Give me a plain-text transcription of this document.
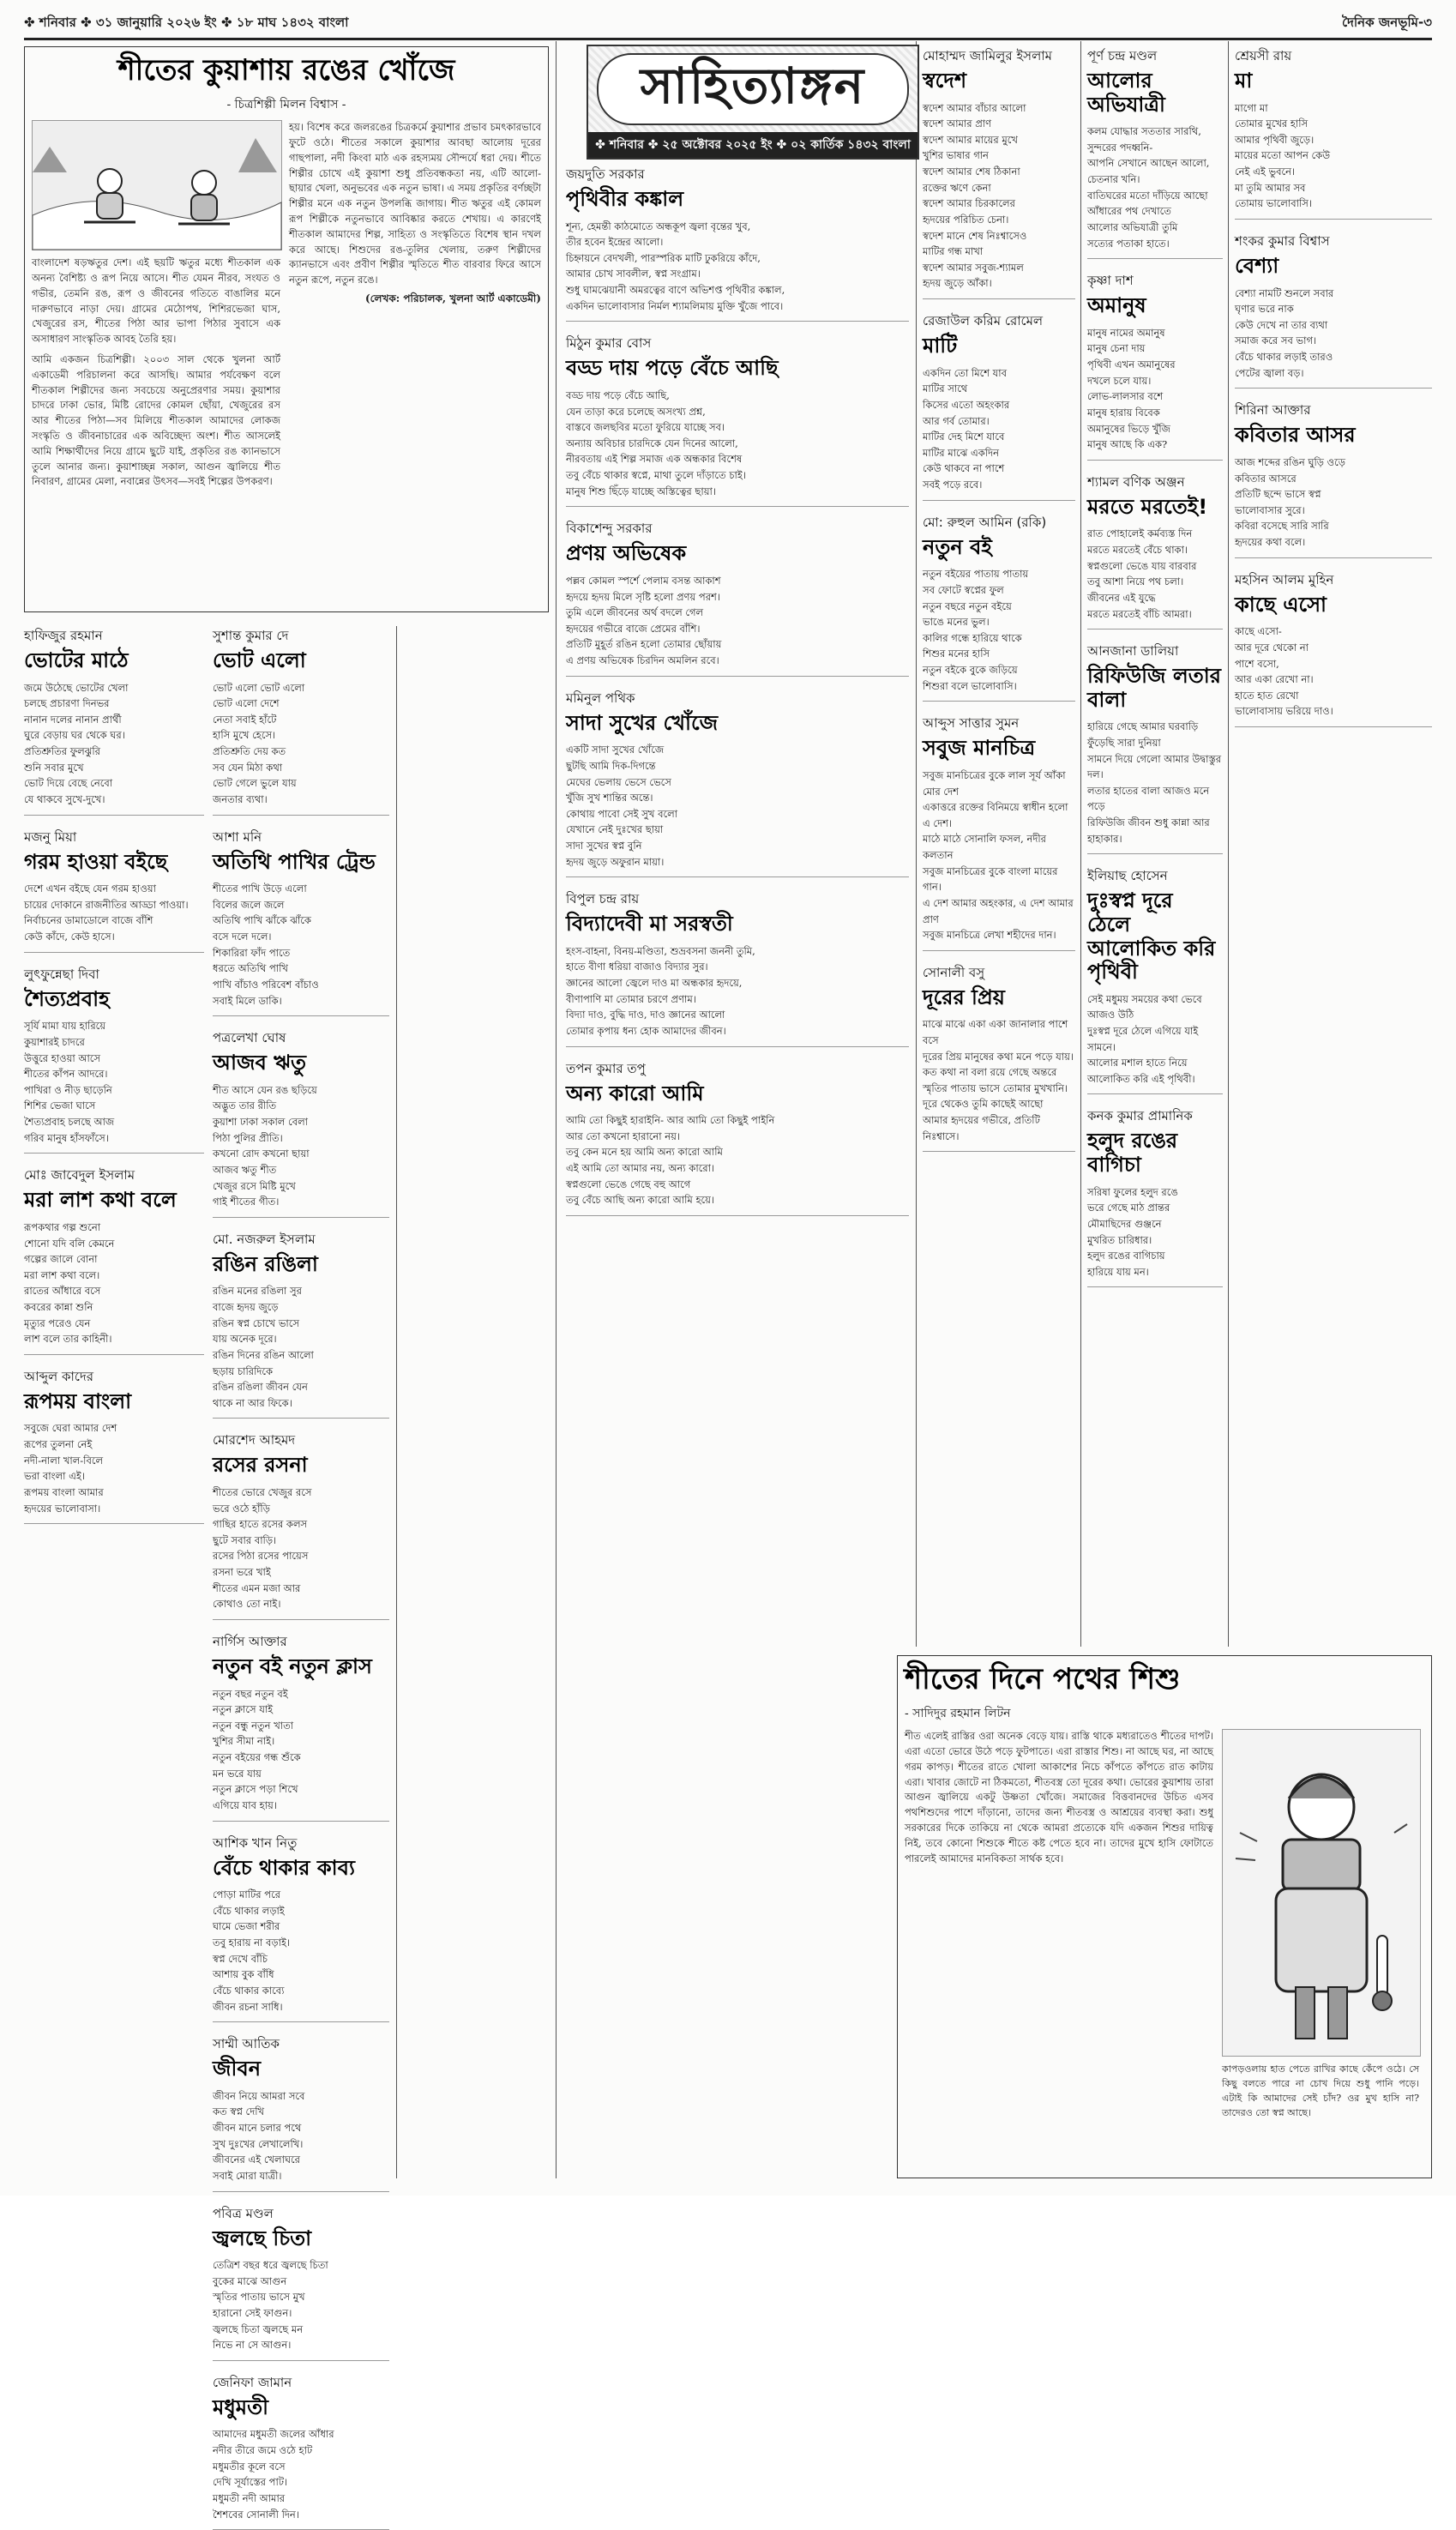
✤ শনিবার ✤ ৩১ জানুয়ারি ২০২৬ ইং ✤ ১৮ মাঘ ১৪৩২ বাংলা	দৈনিক জনভূমি-৩
শীতের কুয়াশায় রঙের খোঁজে
- চিত্রশিল্পী মিলন বিশ্বাস -
বাংলাদেশ ষড়ঋতুর দেশ। এই ছয়টি ঋতুর মধ্যে শীতকাল এক অনন্য বৈশিষ্ট্য ও রূপ নিয়ে আসে। শীত যেমন নীরব, সংযত ও গভীর, তেমনি রঙ, রূপ ও জীবনের গতিতে বাঙালির মনে দারুণভাবে নাড়া দেয়। গ্রামের মেঠোপথ, শিশিরভেজা ঘাস, খেজুরের রস, শীতের পিঠা আর ভাপা পিঠার সুবাসে এক অসাধারণ সাংস্কৃতিক আবহ তৈরি হয়।
আমি একজন চিত্রশিল্পী। ২০০৩ সাল থেকে খুলনা আর্ট একাডেমী পরিচালনা করে আসছি। আমার পর্যবেক্ষণ বলে শীতকাল শিল্পীদের জন্য সবচেয়ে অনুপ্রেরণার সময়। কুয়াশার চাদরে ঢাকা ভোর, মিষ্টি রোদের কোমল ছোঁয়া, খেজুরের রস আর শীতের পিঠা—সব মিলিয়ে শীতকাল আমাদের লোকজ সংস্কৃতি ও জীবনাচারের এক অবিচ্ছেদ্য অংশ। শীত আসলেই আমি শিক্ষার্থীদের নিয়ে গ্রামে ছুটে যাই, প্রকৃতির রঙ ক্যানভাসে তুলে আনার জন্য। কুয়াশাচ্ছন্ন সকাল, আগুন জ্বালিয়ে শীত নিবারণ, গ্রামের মেলা, নবান্নের উৎসব—সবই শিল্পের উপকরণ।
হয়। বিশেষ করে জলরঙের চিত্রকর্মে কুয়াশার প্রভাব চমৎকারভাবে ফুটে ওঠে। শীতের সকালে কুয়াশার আবছা আলোয় দূরের গাছপালা, নদী কিংবা মাঠ এক রহস্যময় সৌন্দর্যে ধরা দেয়। শীতে শিল্পীর চোখে এই কুয়াশা শুধু প্রতিবন্ধকতা নয়, এটি আলো-ছায়ার খেলা, অনুভবের এক নতুন ভাষা। এ সময় প্রকৃতির বর্ণচ্ছটা শিল্পীর মনে এক নতুন উপলব্ধি জাগায়। শীত ঋতুর এই কোমল রূপ শিল্পীকে নতুনভাবে আবিষ্কার করতে শেখায়। এ কারণেই শীতকাল আমাদের শিল্প, সাহিত্য ও সংস্কৃতিতে বিশেষ স্থান দখল করে আছে। শিশুদের রঙ-তুলির খেলায়, তরুণ শিল্পীদের ক্যানভাসে এবং প্রবীণ শিল্পীর স্মৃতিতে শীত বারবার ফিরে আসে নতুন রূপে, নতুন রঙে।
(লেখক: পরিচালক, খুলনা আর্ট একাডেমী)
সাহিত্যাঙ্গন
✤ শনিবার ✤ ২৫ অক্টোবর ২০২৫ ইং ✤ ০২ কার্তিক ১৪৩২ বাংলা
হাফিজুর রহমান
ভোটের মাঠে
জমে উঠেছে ভোটের খেলা
চলছে প্রচারণা দিনভর
নানান দলের নানান প্রার্থী
ঘুরে বেড়ায় ঘর থেকে ঘর।
প্রতিশ্রুতির ফুলঝুরি
শুনি সবার মুখে
ভোট দিয়ে বেছে নেবো
যে থাকবে সুখে-দুখে।
মজনু মিয়া
গরম হাওয়া বইছে
দেশে এখন বইছে যেন গরম হাওয়া
চায়ের দোকানে রাজনীতির আড্ডা পাওয়া।
নির্বাচনের ডামাডোলে বাজে বাঁশি
কেউ কাঁদে, কেউ হাসে।
লুৎফুন্নেছা দিবা
শৈত্যপ্রবাহ
সূর্যি মামা যায় হারিয়ে
কুয়াশারই চাদরে
উত্তুরে হাওয়া আসে
শীতের কাঁপন আদরে।
পাখিরা ও নীড় ছাড়েনি
শিশির ভেজা ঘাসে
শৈত্যপ্রবাহ চলছে আজ
গরিব মানুষ হাঁসফাঁসে।
মোঃ জাবেদুল ইসলাম
মরা লাশ কথা বলে
রূপকথার গল্প শুনো
শোনো যদি বলি কেমনে
গল্পের জালে বোনা
মরা লাশ কথা বলে।
রাতের আঁধারে বসে
কবরের কান্না শুনি
মৃত্যুর পরেও যেন
লাশ বলে তার কাহিনী।
আব্দুল কাদের
রূপময় বাংলা
সবুজে ঘেরা আমার দেশ
রূপের তুলনা নেই
নদী-নালা খাল-বিলে
ভরা বাংলা এই।
রূপময় বাংলা আমার
হৃদয়ের ভালোবাসা।
সুশান্ত কুমার দে
ভোট এলো
ভোট এলো ভোট এলো
ভোট এলো দেশে
নেতা সবাই হাঁটে
হাসি মুখে হেসে।
প্রতিশ্রুতি দেয় কত
সব যেন মিঠা কথা
ভোট গেলে ভুলে যায়
জনতার ব্যথা।
আশা মনি
অতিথি পাখির ট্রেন্ড
শীতের পাখি উড়ে এলো
বিলের জলে জলে
অতিথি পাখি ঝাঁকে ঝাঁকে
বসে দলে দলে।
শিকারিরা ফাঁদ পাতে
ধরতে অতিথি পাখি
পাখি বাঁচাও পরিবেশ বাঁচাও
সবাই মিলে ডাকি।
পত্রলেখা ঘোষ
আজব ঋতু
শীত আসে যেন রঙ ছড়িয়ে
অদ্ভুত তার রীতি
কুয়াশা ঢাকা সকাল বেলা
পিঠা পুলির প্রীতি।
কখনো রোদ কখনো ছায়া
আজব ঋতু শীত
খেজুর রসে মিষ্টি মুখে
গাই শীতের গীত।
মো. নজরুল ইসলাম
রঙিন রঙিলা
রঙিন মনের রঙিলা সুর
বাজে হৃদয় জুড়ে
রঙিন স্বপ্ন চোখে ভাসে
যায় অনেক দূরে।
রঙিন দিনের রঙিন আলো
ছড়ায় চারিদিকে
রঙিন রঙিলা জীবন যেন
থাকে না আর ফিকে।
মোরশেদ আহমদ
রসের রসনা
শীতের ভোরে খেজুর রসে
ভরে ওঠে হাঁড়ি
গাছির হাতে রসের কলস
ছুটে সবার বাড়ি।
রসের পিঠা রসের পায়েস
রসনা ভরে খাই
শীতের এমন মজা আর
কোথাও তো নাই।
নার্গিস আক্তার
নতুন বই নতুন ক্লাস
নতুন বছর নতুন বই
নতুন ক্লাসে যাই
নতুন বন্ধু নতুন খাতা
খুশির সীমা নাই।
নতুন বইয়ের গন্ধ শুঁকে
মন ভরে যায়
নতুন ক্লাসে পড়া শিখে
এগিয়ে যাব হায়।
আশিক খান নিতু
বেঁচে থাকার কাব্য
পোড়া মাটির পরে
বেঁচে থাকার লড়াই
ঘামে ভেজা শরীর
তবু হারায় না বড়াই।
স্বপ্ন দেখে বাঁচি
আশায় বুক বাঁধি
বেঁচে থাকার কাব্যে
জীবন রচনা সাধি।
সাম্মী আতিক
জীবন
জীবন নিয়ে আমরা সবে
কত স্বপ্ন দেখি
জীবন মানে চলার পথে
সুখ দুঃখের লেখালেখি।
জীবনের এই খেলাঘরে
সবাই মোরা যাত্রী।
পবিত্র মণ্ডল
জ্বলছে চিতা
তেত্রিশ বছর ধরে জ্বলছে চিতা
বুকের মাঝে আগুন
স্মৃতির পাতায় ভাসে মুখ
হারানো সেই ফাগুন।
জ্বলছে চিতা জ্বলছে মন
নিভে না সে আগুন।
জেনিফা জামান
মধুমতী
আমাদের মধুমতী জলের আঁধার
নদীর তীরে জমে ওঠে হাট
মধুমতীর কূলে বসে
দেখি সূর্যাস্তের পাট।
মধুমতী নদী আমার
শৈশবের সোনালী দিন।
জয়দুতি সরকার
পৃথিবীর কঙ্কাল
শূন্য, হেমন্তী কাঠমোতে অন্ধকূপ জ্বলা বৃন্তের খুব,
তীর হবেন ইন্দ্রের আলো।
চিহ্নায়নে বেদখলী, পারস্পরিক মাটি ঢুকরিয়ে কাঁদে,
আমার চোখ সাবলীল, স্বপ্ন সংগ্রাম।
শুধু ঘামঝেয়ানী অমরত্বের বাণে অভিশপ্ত পৃথিবীর কঙ্কাল,
একদিন ভালোবাসার নির্মল শ্যামলিমায় মুক্তি খুঁজে পাবে।
মিঠুন কুমার বোস
বড্ড দায় পড়ে বেঁচে আছি
বড্ড দায় পড়ে বেঁচে আছি,
যেন তাড়া করে চলেছে অসংখ্য প্রশ্ন,
বাস্তবে জলছবির মতো ফুরিয়ে যাচ্ছে সব।
অন্যায় অবিচার চারদিকে যেন দিনের আলো,
নীরবতায় এই শিল্প সমাজ এক অন্ধকার বিশেষ
তবু বেঁচে থাকার স্বপ্নে, মাথা তুলে দাঁড়াতে চাই।
মানুষ শিশু ছিঁড়ে যাচ্ছে অস্তিত্বের ছায়া।
বিকাশেন্দু সরকার
প্রণয় অভিষেক
পল্লব কোমল স্পর্শে পেলাম বসন্ত আকাশ
হৃদয়ে হৃদয় মিলে সৃষ্টি হলো প্রণয় পরশ।
তুমি এলে জীবনের অর্থ বদলে গেল
হৃদয়ের গভীরে বাজে প্রেমের বাঁশি।
প্রতিটি মুহূর্ত রঙিন হলো তোমার ছোঁয়ায়
এ প্রণয় অভিষেক চিরদিন অমলিন রবে।
মমিনুল পথিক
সাদা সুখের খোঁজে
একটি সাদা সুখের খোঁজে
ছুটছি আমি দিক-দিগন্তে
মেঘের ভেলায় ভেসে ভেসে
খুঁজি সুখ শান্তির অন্তে।
কোথায় পাবো সেই সুখ বলো
যেখানে নেই দুঃখের ছায়া
সাদা সুখের স্বপ্ন বুনি
হৃদয় জুড়ে অফুরান মায়া।
বিপুল চন্দ্র রায়
বিদ্যাদেবী মা সরস্বতী
হংস-বাহনা, বিনয়-মণ্ডিতা, শুভ্রবসনা জননী তুমি,
হাতে বীণা ধরিয়া বাজাও বিদ্যার সুর।
জ্ঞানের আলো জ্বেলে দাও মা অন্ধকার হৃদয়ে,
বীণাপাণি মা তোমার চরণে প্রণাম।
বিদ্যা দাও, বুদ্ধি দাও, দাও জ্ঞানের আলো
তোমার কৃপায় ধন্য হোক আমাদের জীবন।
তপন কুমার তপু
অন্য কারো আমি
আমি তো কিছুই হারাইনি- আর আমি তো কিছুই পাইনি
আর তো কখনো হারানো নয়।
তবু কেন মনে হয় আমি অন্য কারো আমি
এই আমি তো আমার নয়, অন্য কারো।
স্বপ্নগুলো ভেঙে গেছে বহু আগে
তবু বেঁচে আছি অন্য কারো আমি হয়ে।
মোহাম্মদ জামিলুর ইসলাম
স্বদেশ
স্বদেশ আমার বাঁচার আলো
স্বদেশ আমার প্রাণ
স্বদেশ আমার মায়ের মুখে
খুশির ভাষার গান
স্বদেশ আমার শেষ ঠিকানা
রক্তের ঋণে কেনা
স্বদেশ আমার চিরকালের
হৃদয়ের পরিচিত চেনা।
স্বদেশ মানে শেষ নিঃশ্বাসেও
মাটির গন্ধ মাখা
স্বদেশ আমার সবুজ-শ্যামল
হৃদয় জুড়ে আঁকা।
রেজাউল করিম রোমেল
মাটি
একদিন তো মিশে যাব
মাটির সাথে
কিসের এতো অহংকার
আর গর্ব তোমার।
মাটির দেহ মিশে যাবে
মাটির মাঝে একদিন
কেউ থাকবে না পাশে
সবই পড়ে রবে।
মো: রুহুল আমিন (রকি)
নতুন বই
নতুন বইয়ের পাতায় পাতায়
সব ফোটে স্বপ্নের ফুল
নতুন বছরে নতুন বইয়ে
ভাঙে মনের ভুল।
কালির গন্ধে হারিয়ে থাকে
শিশুর মনের হাসি
নতুন বইকে বুকে জড়িয়ে
শিশুরা বলে ভালোবাসি।
আব্দুস সাত্তার সুমন
সবুজ মানচিত্র
সবুজ মানচিত্রের বুকে লাল সূর্য আঁকা মোর দেশ
একাত্তরে রক্তের বিনিময়ে স্বাধীন হলো এ দেশ।
মাঠে মাঠে সোনালি ফসল, নদীর কলতান
সবুজ মানচিত্রের বুকে বাংলা মায়ের গান।
এ দেশ আমার অহংকার, এ দেশ আমার প্রাণ
সবুজ মানচিত্রে লেখা শহীদের দান।
সোনালী বসু
দূরের প্রিয়
মাঝে মাঝে একা একা জানালার পাশে বসে
দূরের প্রিয় মানুষের কথা মনে পড়ে যায়।
কত কথা না বলা রয়ে গেছে অন্তরে
স্মৃতির পাতায় ভাসে তোমার মুখখানি।
দূরে থেকেও তুমি কাছেই আছো
আমার হৃদয়ের গভীরে, প্রতিটি নিঃশ্বাসে।
পূর্ণ চন্দ্র মণ্ডল
আলোর অভিযাত্রী
কলম যোদ্ধার সততার সারথি,
সুন্দরের পদধ্বনি-
আপনি সেখানে আছেন আলো,
চেতনার খনি।
বাতিঘরের মতো দাঁড়িয়ে আছো
আঁধারের পথ দেখাতে
আলোর অভিযাত্রী তুমি
সত্যের পতাকা হাতে।
কৃষ্ণা দাশ
অমানুষ
মানুষ নামের অমানুষ
মানুষ চেনা দায়
পৃথিবী এখন অমানুষের
দখলে চলে যায়।
লোভ-লালসার বশে
মানুষ হারায় বিবেক
অমানুষের ভিড়ে খুঁজি
মানুষ আছে কি এক?
শ্যামল বণিক অঞ্জন
মরতে মরতেই!
রাত পোহালেই কর্মব্যস্ত দিন
মরতে মরতেই বেঁচে থাকা।
স্বপ্নগুলো ভেঙে যায় বারবার
তবু আশা নিয়ে পথ চলা।
জীবনের এই যুদ্ধে
মরতে মরতেই বাঁচি আমরা।
আনজানা ডালিয়া
রিফিউজি লতার বালা
হারিয়ে গেছে আমার ঘরবাড়ি
ফুঁড়েছি সারা দুনিয়া
সামনে দিয়ে গেলো আমার উদ্বাস্তুর দল।
লতার হাতের বালা আজও মনে পড়ে
রিফিউজি জীবন শুধু কান্না আর হাহাকার।
ইলিয়াছ হোসেন
দুঃস্বপ্ন দূরে ঠেলে আলোকিত করি পৃথিবী
সেই মধুময় সময়ের কথা ভেবে আজও উঠি
দুঃস্বপ্ন দূরে ঠেলে এগিয়ে যাই সামনে।
আলোর মশাল হাতে নিয়ে
আলোকিত করি এই পৃথিবী।
কনক কুমার প্রামানিক
হলুদ রঙের বাগিচা
সরিষা ফুলের হলুদ রঙে
ভরে গেছে মাঠ প্রান্তর
মৌমাছিদের গুঞ্জনে
মুখরিত চারিধার।
হলুদ রঙের বাগিচায়
হারিয়ে যায় মন।
শ্রেয়সী রায়
মা
মাগো মা
তোমার মুখের হাসি
আমার পৃথিবী জুড়ে।
মায়ের মতো আপন কেউ
নেই এই ভুবনে।
মা তুমি আমার সব
তোমায় ভালোবাসি।
শংকর কুমার বিশ্বাস
বেশ্যা
বেশ্যা নামটি শুনলে সবার
ঘৃণার ভরে নাক
কেউ দেখে না তার ব্যথা
সমাজ করে সব ভাগ।
বেঁচে থাকার লড়াই তারও
পেটের জ্বালা বড়।
শিরিনা আক্তার
কবিতার আসর
আজ শব্দের রঙিন ঘুড়ি ওড়ে
কবিতার আসরে
প্রতিটি ছন্দে ভাসে স্বপ্ন
ভালোবাসার সুরে।
কবিরা বসেছে সারি সারি
হৃদয়ের কথা বলে।
মহসিন আলম মুহিন
কাছে এসো
কাছে এসো-
আর দূরে থেকো না
পাশে বসো,
আর একা রেখো না।
হাতে হাত রেখো
ভালোবাসায় ভরিয়ে দাও।
শীতের দিনে পথের শিশু
- সাদিদুর রহমান লিটন
শীত এলেই রাস্তির ওরা অনেক বেড়ে যায়। রাস্তি থাকে মধ্যরাতেও শীতের দাপট। এরা এতো ভোরে উঠে পড়ে ফুটপাতে। এরা রাস্তার শিশু। না আছে ঘর, না আছে গরম কাপড়। শীতের রাতে খোলা আকাশের নিচে কাঁপতে কাঁপতে রাত কাটায় এরা। খাবার জোটে না ঠিকমতো, শীতবস্ত্র তো দূরের কথা। ভোরের কুয়াশায় তারা আগুন জ্বালিয়ে একটু উষ্ণতা খোঁজে। সমাজের বিত্তবানদের উচিত এসব পথশিশুদের পাশে দাঁড়ানো, তাদের জন্য শীতবস্ত্র ও আশ্রয়ের ব্যবস্থা করা। শুধু সরকারের দিকে তাকিয়ে না থেকে আমরা প্রত্যেকে যদি একজন শিশুর দায়িত্ব নিই, তবে কোনো শিশুকে শীতে কষ্ট পেতে হবে না। তাদের মুখে হাসি ফোটাতে পারলেই আমাদের মানবিকতা সার্থক হবে।
কাপড়ওলায় হাত পেতে রাখির কাছে কেঁপে ওঠে। সে কিছু বলতে পারে না চোখ দিয়ে শুধু পানি পড়ে। এটাই কি আমাদের সেই চাঁদ? ওর মুখ হাসি না? তাদেরও তো স্বপ্ন আছে।
